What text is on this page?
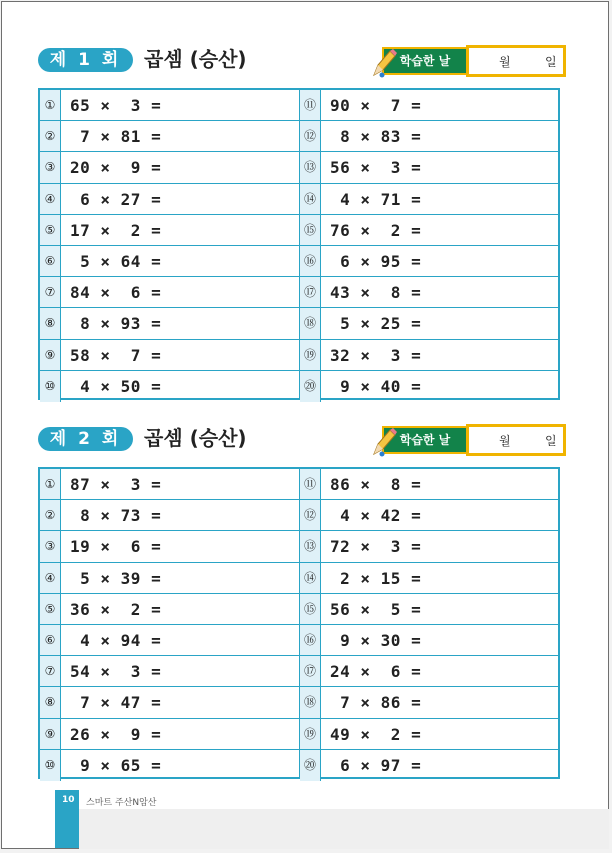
제 1 회	곱셈 (승산)	학습한 날	월	일
① 65 ×  3 =
② 7 × 81 =
③ 20 ×  9 =
④ 6 × 27 =
⑤ 17 ×  2 =
⑥ 5 × 64 =
⑦ 84 ×  6 =
⑧ 8 × 93 =
⑨ 58 ×  7 =
⑩ 4 × 50 =
⑪ 90 ×  7 =
⑫ 8 × 83 =
⑬ 56 ×  3 =
⑭ 4 × 71 =
⑮ 76 ×  2 =
⑯ 6 × 95 =
⑰ 43 ×  8 =
⑱ 5 × 25 =
⑲ 32 ×  3 =
⑳ 9 × 40 =
제 2 회	곱셈 (승산)	학습한 날	월	일
① 87 ×  3 =
② 8 × 73 =
③ 19 ×  6 =
④ 5 × 39 =
⑤ 36 ×  2 =
⑥ 4 × 94 =
⑦ 54 ×  3 =
⑧ 7 × 47 =
⑨ 26 ×  9 =
⑩ 9 × 65 =
⑪ 86 ×  8 =
⑫ 4 × 42 =
⑬ 72 ×  3 =
⑭ 2 × 15 =
⑮ 56 ×  5 =
⑯ 9 × 30 =
⑰ 24 ×  6 =
⑱ 7 × 86 =
⑲ 49 ×  2 =
⑳ 6 × 97 =
10 스마트 주산N암산
